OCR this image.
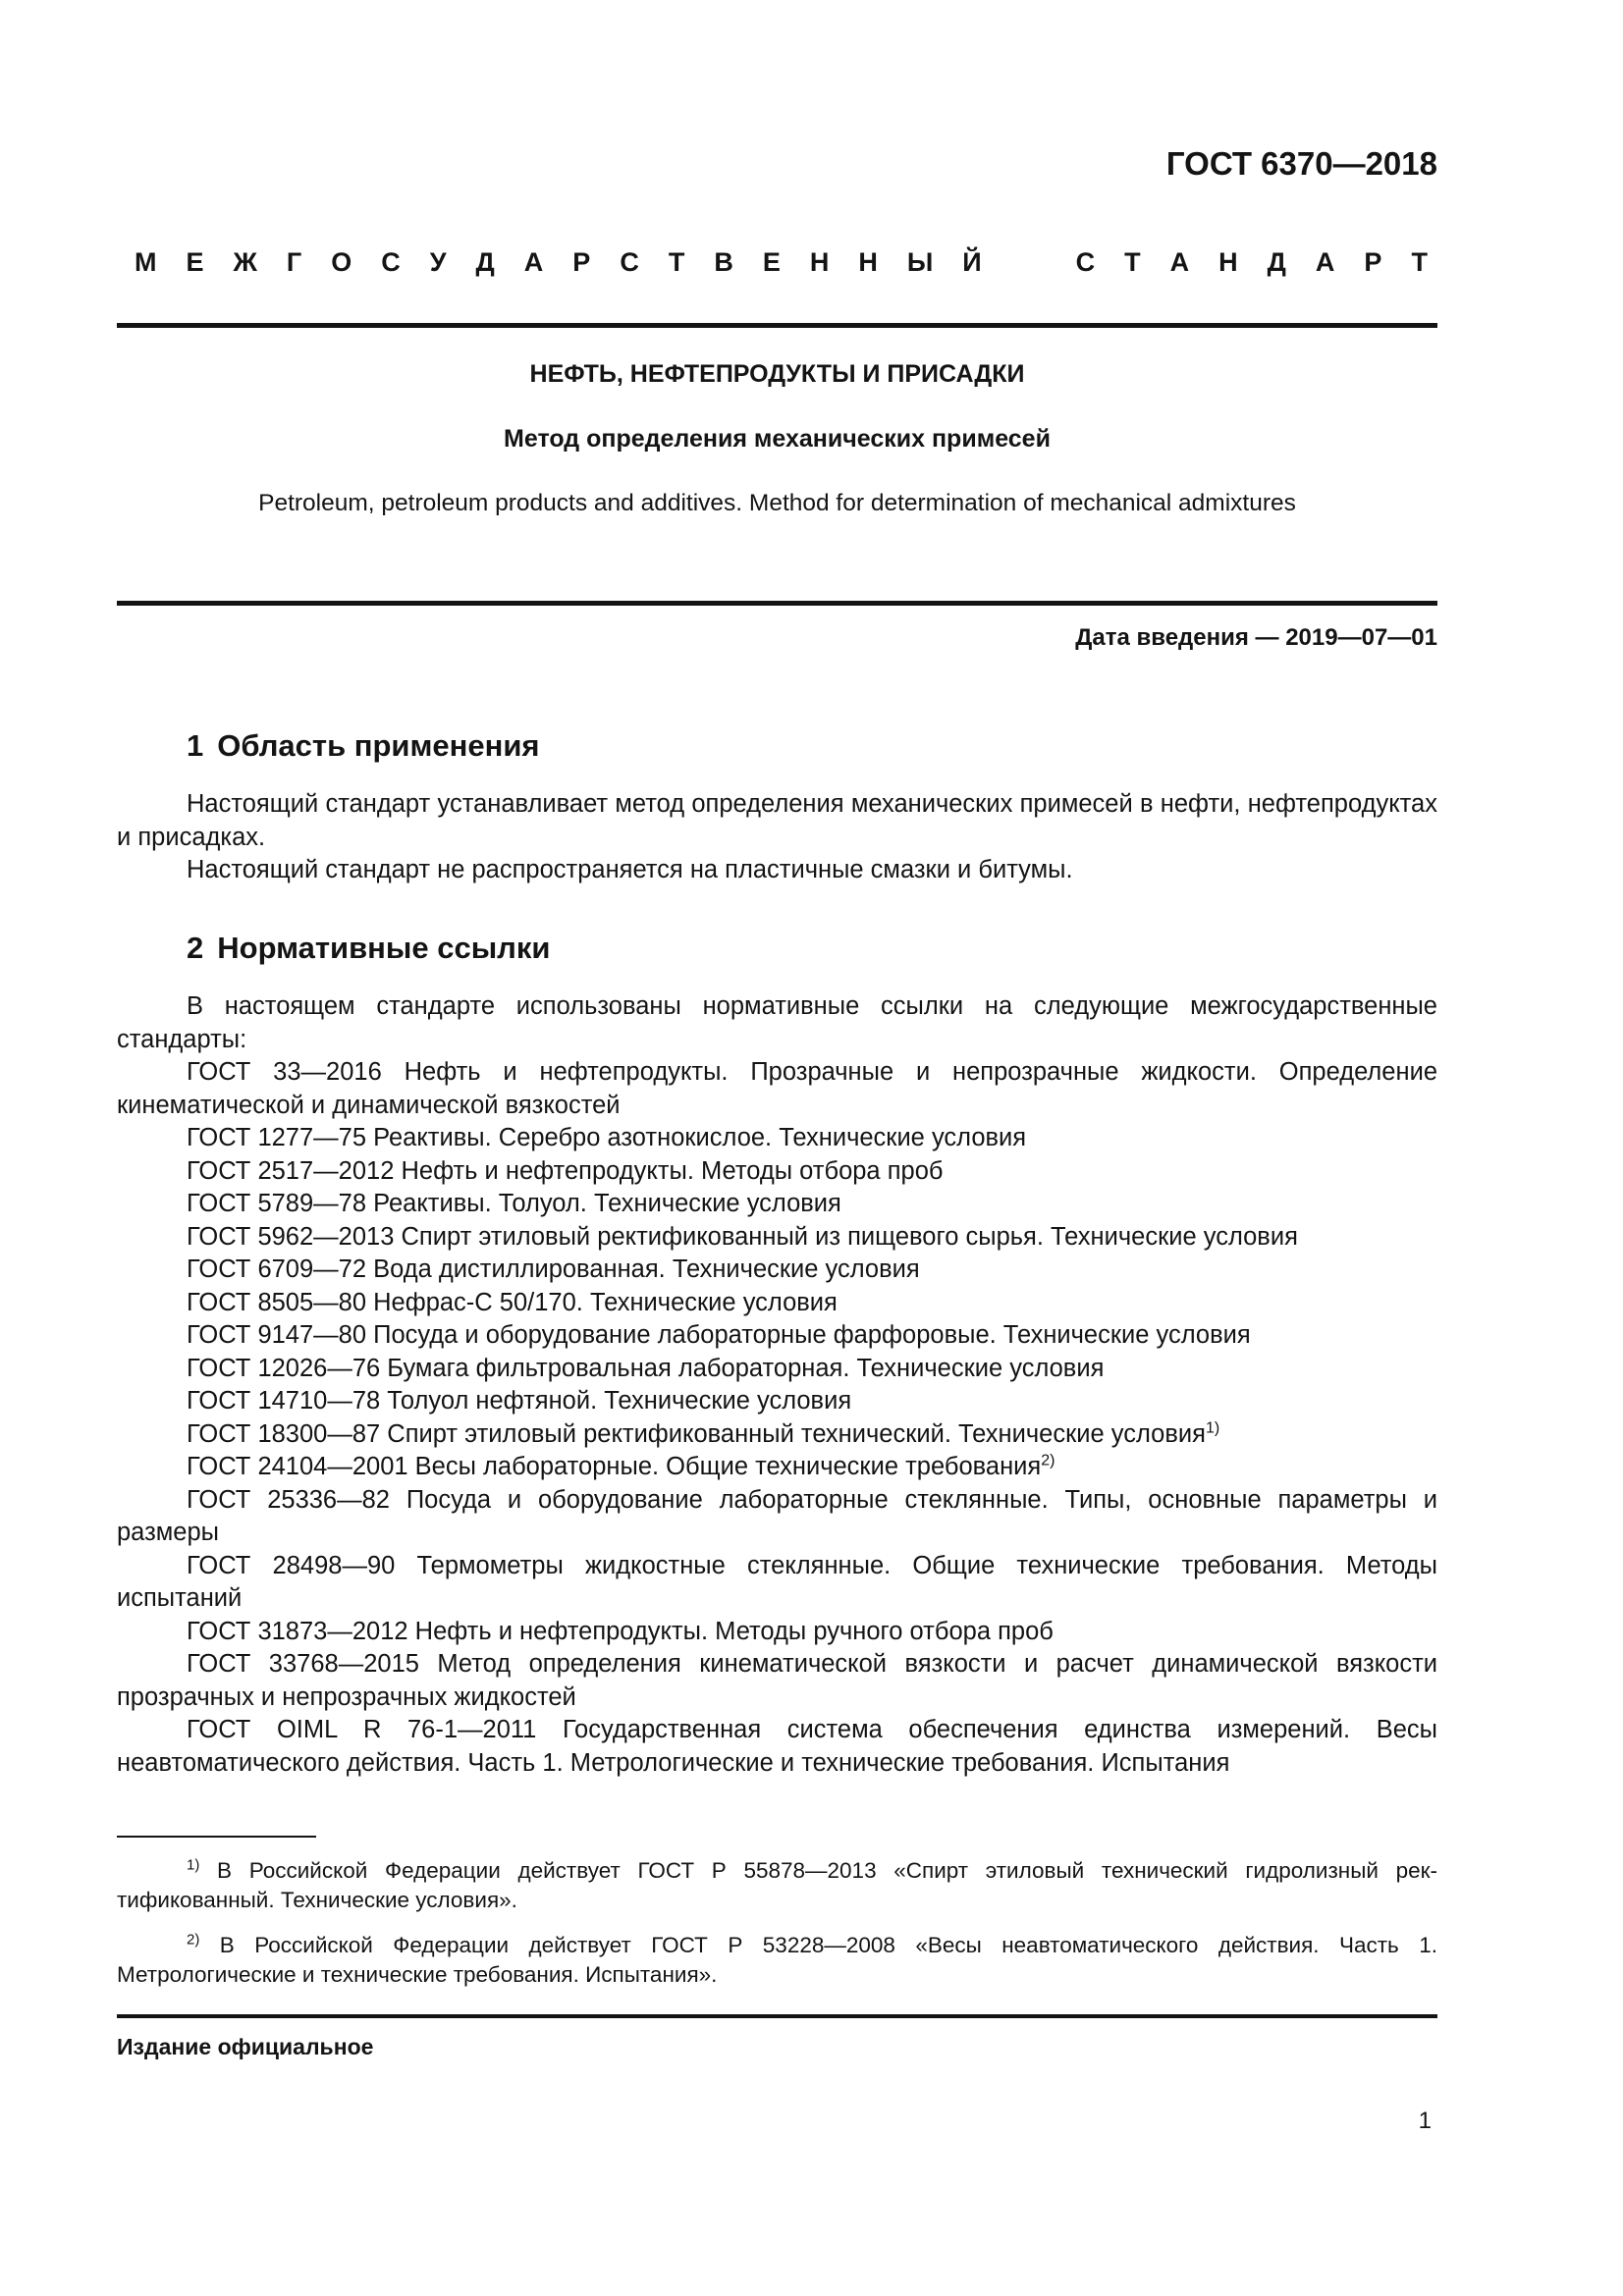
ГОСТ 6370—2018
М Е Ж Г О С У Д А Р С Т В Е Н Н Ы Й	С Т А Н Д А Р Т
НЕФТЬ, НЕФТЕПРОДУКТЫ И ПРИСАДКИ
Метод определения механических примесей
Petroleum, petroleum products and additives. Method for determination of mechanical admixtures
Дата введения — 2019—07—01
1 Область применения
Настоящий стандарт устанавливает метод определения механических примесей в нефти, нефтепродуктах и присадках.
Настоящий стандарт не распространяется на пластичные смазки и битумы.
2 Нормативные ссылки
В настоящем стандарте использованы нормативные ссылки на следующие межгосударственные стандарты:
ГОСТ 33—2016 Нефть и нефтепродукты. Прозрачные и непрозрачные жидкости. Определение кинематической и динамической вязкостей
ГОСТ 1277—75 Реактивы. Серебро азотнокислое. Технические условия
ГОСТ 2517—2012 Нефть и нефтепродукты. Методы отбора проб
ГОСТ 5789—78 Реактивы. Толуол. Технические условия
ГОСТ 5962—2013 Спирт этиловый ректификованный из пищевого сырья. Технические условия
ГОСТ 6709—72 Вода дистиллированная. Технические условия
ГОСТ 8505—80 Нефрас-С 50/170. Технические условия
ГОСТ 9147—80 Посуда и оборудование лабораторные фарфоровые. Технические условия
ГОСТ 12026—76 Бумага фильтровальная лабораторная. Технические условия
ГОСТ 14710—78 Толуол нефтяной. Технические условия
ГОСТ 18300—87 Спирт этиловый ректификованный технический. Технические условия$^{1)}$
ГОСТ 24104—2001 Весы лабораторные. Общие технические требования$^{2)}$
ГОСТ 25336—82 Посуда и оборудование лабораторные стеклянные. Типы, основные параметры и размеры
ГОСТ 28498—90 Термометры жидкостные стеклянные. Общие технические требования. Методы испытаний
ГОСТ 31873—2012 Нефть и нефтепродукты. Методы ручного отбора проб
ГОСТ 33768—2015 Метод определения кинематической вязкости и расчет динамической вязкости прозрачных и непрозрачных жидкостей
ГОСТ OIML R 76-1—2011 Государственная система обеспечения единства измерений. Весы неавтоматического действия. Часть 1. Метрологические и технические требования. Испытания
$^{1)}$ В Российской Федерации действует ГОСТ Р 55878—2013 «Спирт этиловый технический гидролизный ректификованный. Технические условия».
$^{2)}$ В Российской Федерации действует ГОСТ Р 53228—2008 «Весы неавтоматического действия. Часть 1. Метрологические и технические требования. Испытания».
Издание официальное
1
